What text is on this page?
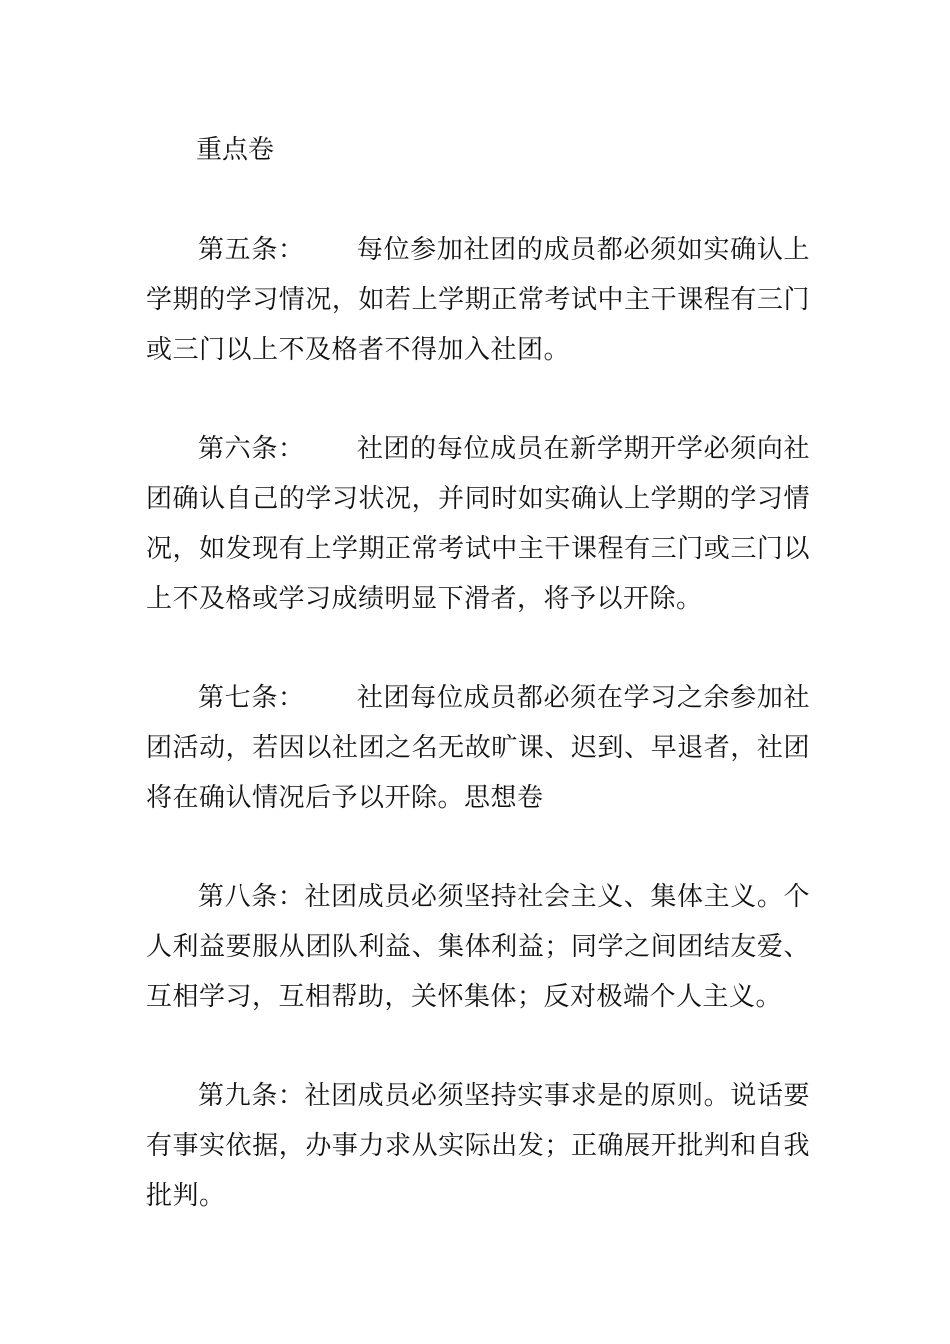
重点卷

第五条： 每位参加社团的成员都必须如实确认上学期的学习情况，如若上学期正常考试中主干课程有三门或三门以上不及格者不得加入社团。

第六条： 社团的每位成员在新学期开学必须向社团确认自己的学习状况，并同时如实确认上学期的学习情况，如发现有上学期正常考试中主干课程有三门或三门以上不及格或学习成绩明显下滑者，将予以开除。

第七条： 社团每位成员都必须在学习之余参加社团活动，若因以社团之名无故旷课、迟到、早退者，社团将在确认情况后予以开除。思想卷

第八条：社团成员必须坚持社会主义、集体主义。个人利益要服从团队利益、集体利益；同学之间团结友爱、互相学习，互相帮助，关怀集体；反对极端个人主义。

第九条：社团成员必须坚持实事求是的原则。说话要有事实依据，办事力求从实际出发；正确展开批判和自我批判。
